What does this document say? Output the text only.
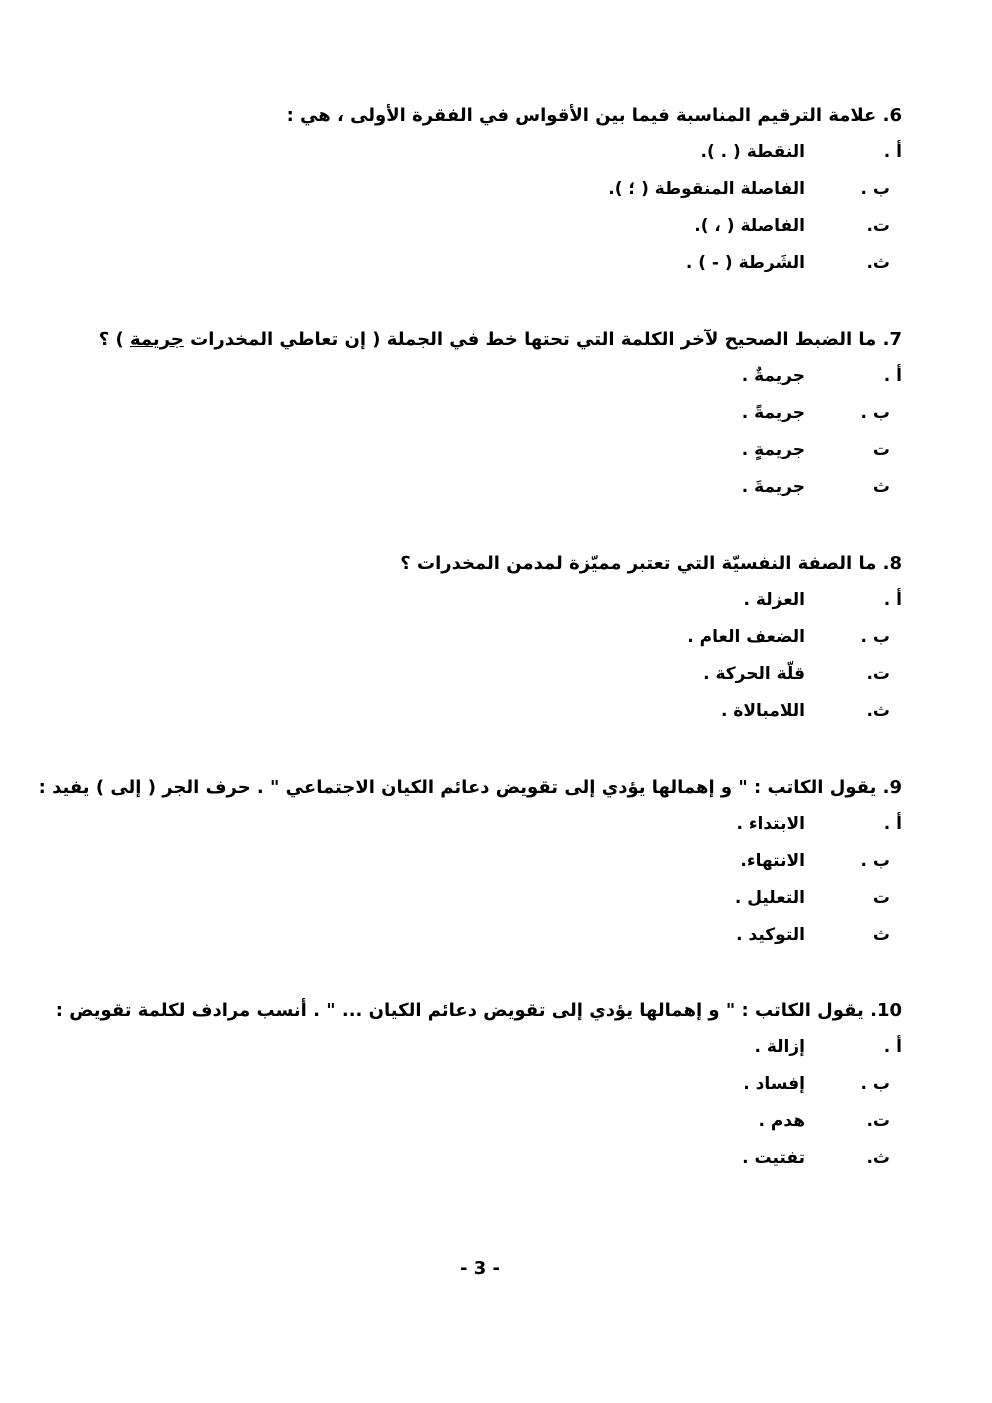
6. علامة الترقيم المناسبة فيما بين الأقواس في الفقرة الأولى ، هي :
أ .
النقطة ( . ).
ب .
الفاصلة المنقوطة ( ؛ ).
ت.
الفاصلة ( ، ).
ث.
الشَرطة ( - ) .
7. ما الضبط الصحيح لآخر الكلمة التي تحتها خط في الجملة ( إن تعاطي المخدرات جريمة ) ؟
أ .
جريمةٌ .
ب .
جريمةً .
ت
جريمةٍ .
ث
جريمةَ .
8. ما الصفة النفسيّة التي تعتبر مميّزة لمدمن المخدرات ؟
أ .
العزلة .
ب .
الضعف العام .
ت.
قلّة الحركة .
ث.
اللامبالاة .
9. يقول الكاتب : " و إهمالها يؤدي إلى تقويض دعائم الكيان الاجتماعي " . حرف الجر ( إلى ) يفيد :
أ .
الابتداء .
ب .
الانتهاء.
ت
التعليل .
ث
التوكيد .
10. يقول الكاتب : " و إهمالها يؤدي إلى تقويض دعائم الكيان ... " . أنسب مرادف لكلمة تقويض :
أ .
إزالة .
ب .
إفساد .
ت.
هدم .
ث.
تفتيت .
- 3 -
